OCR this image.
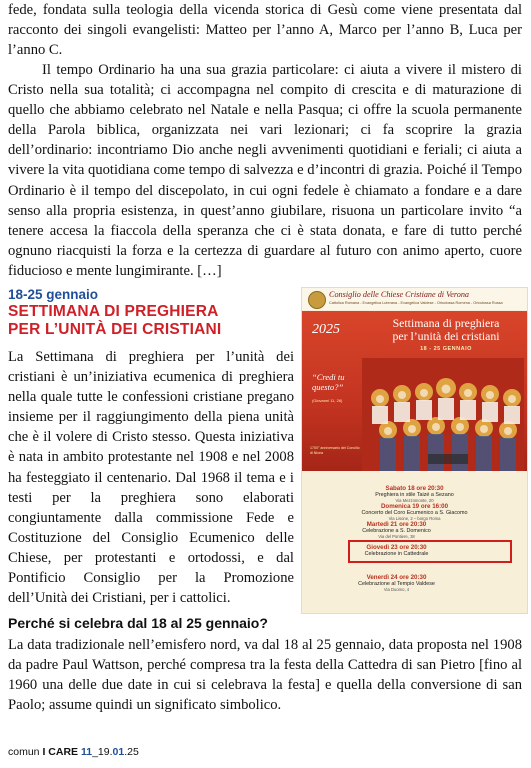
fede, fondata sulla teologia della vicenda storica di Gesù come viene presentata dal racconto dei singoli evangelisti: Matteo per l’anno A, Marco per l’anno B, Luca per l’anno C.
Il tempo Ordinario ha una sua grazia particolare: ci aiuta a vivere il mistero di Cristo nella sua totalità; ci accompagna nel compito di crescita e di maturazione di quello che abbiamo celebrato nel Natale e nella Pasqua; ci offre la scuola permanente della Parola biblica, organizzata nei vari lezionari; ci fa scoprire la grazia dell’ordinario: incontriamo Dio anche negli avvenimenti quotidiani e feriali; ci aiuta a vivere la vita quotidiana come tempo di salvezza e d’incontri di grazia. Poiché il Tempo Ordinario è il tempo del discepolato, in cui ogni fedele è chiamato a fondare e a dare senso alla propria esistenza, in quest’anno giubilare, risuona un particolare invito “a tenere accesa la fiaccola della speranza che ci è stata donata, e fare di tutto perché ognuno riacquisti la forza e la certezza di guardare al futuro con animo aperto, cuore fiducioso e mente lungimirante. […]
18-25 gennaio
SETTIMANA DI PREGHIERA
PER L’UNITÀ DEI CRISTIANI
La Settimana di preghiera per l’unità dei cristiani è un’iniziativa ecumenica di preghiera nella quale tutte le confessioni cristiane pregano insieme per il raggiungimento della piena unità che è il volere di Cristo stesso. Questa iniziativa è nata in ambito protestante nel 1908 e nel 2008 ha festeggiato il centenario. Dal 1968 il tema e i testi per la preghiera sono elaborati congiuntamente dalla commissione Fede e Costituzione del Consiglio Ecumenico delle Chiese, per protestanti e ortodossi, e dal Pontificio Consiglio per la Promozione dell’Unità dei Cristiani, per i cattolici.
Consiglio delle Chiese Cristiane di Verona
Cattolica Romana - Evangelica Luterana - Evangelica Valdese - Ortodossa Romena - Ortodossa Russa
2025	Settimana di preghiera
per l’unità dei cristiani
18 - 25 GENNAIO
“Credi tu
questo?”
(Giovanni 11, 26)
1700° anniversario del Concilio di Nicea
Sabato 18 ore 20:30
Preghiera in stile Taizé a Sezano
Via Mezzomonte, 20
Domenica 19 ore 16:00
Concerto del Coro Ecumenico a S. Giacomo
Via Lisone, 2 – borgo Roma
Martedì 21 ore 20:30
Celebrazione a S. Domenico
Via del Pontiere, 38
Giovedì 23 ore 20:30
Celebrazione in Cattedrale
Venerdì 24 ore 20:30
Celebrazione al Tempio Valdese
Via Duomo, 4
Perché si celebra dal 18 al 25 gennaio?
La data tradizionale nell’emisfero nord, va dal 18 al 25 gennaio, data proposta nel 1908 da padre Paul Wattson, perché compresa tra la festa della Cattedra di san Pietro [fino al 1960 una delle due date in cui si celebrava la festa] e quella della conversione di san Paolo; assume quindi un significato simbolico.
comun I CARE 11_19.01.25
